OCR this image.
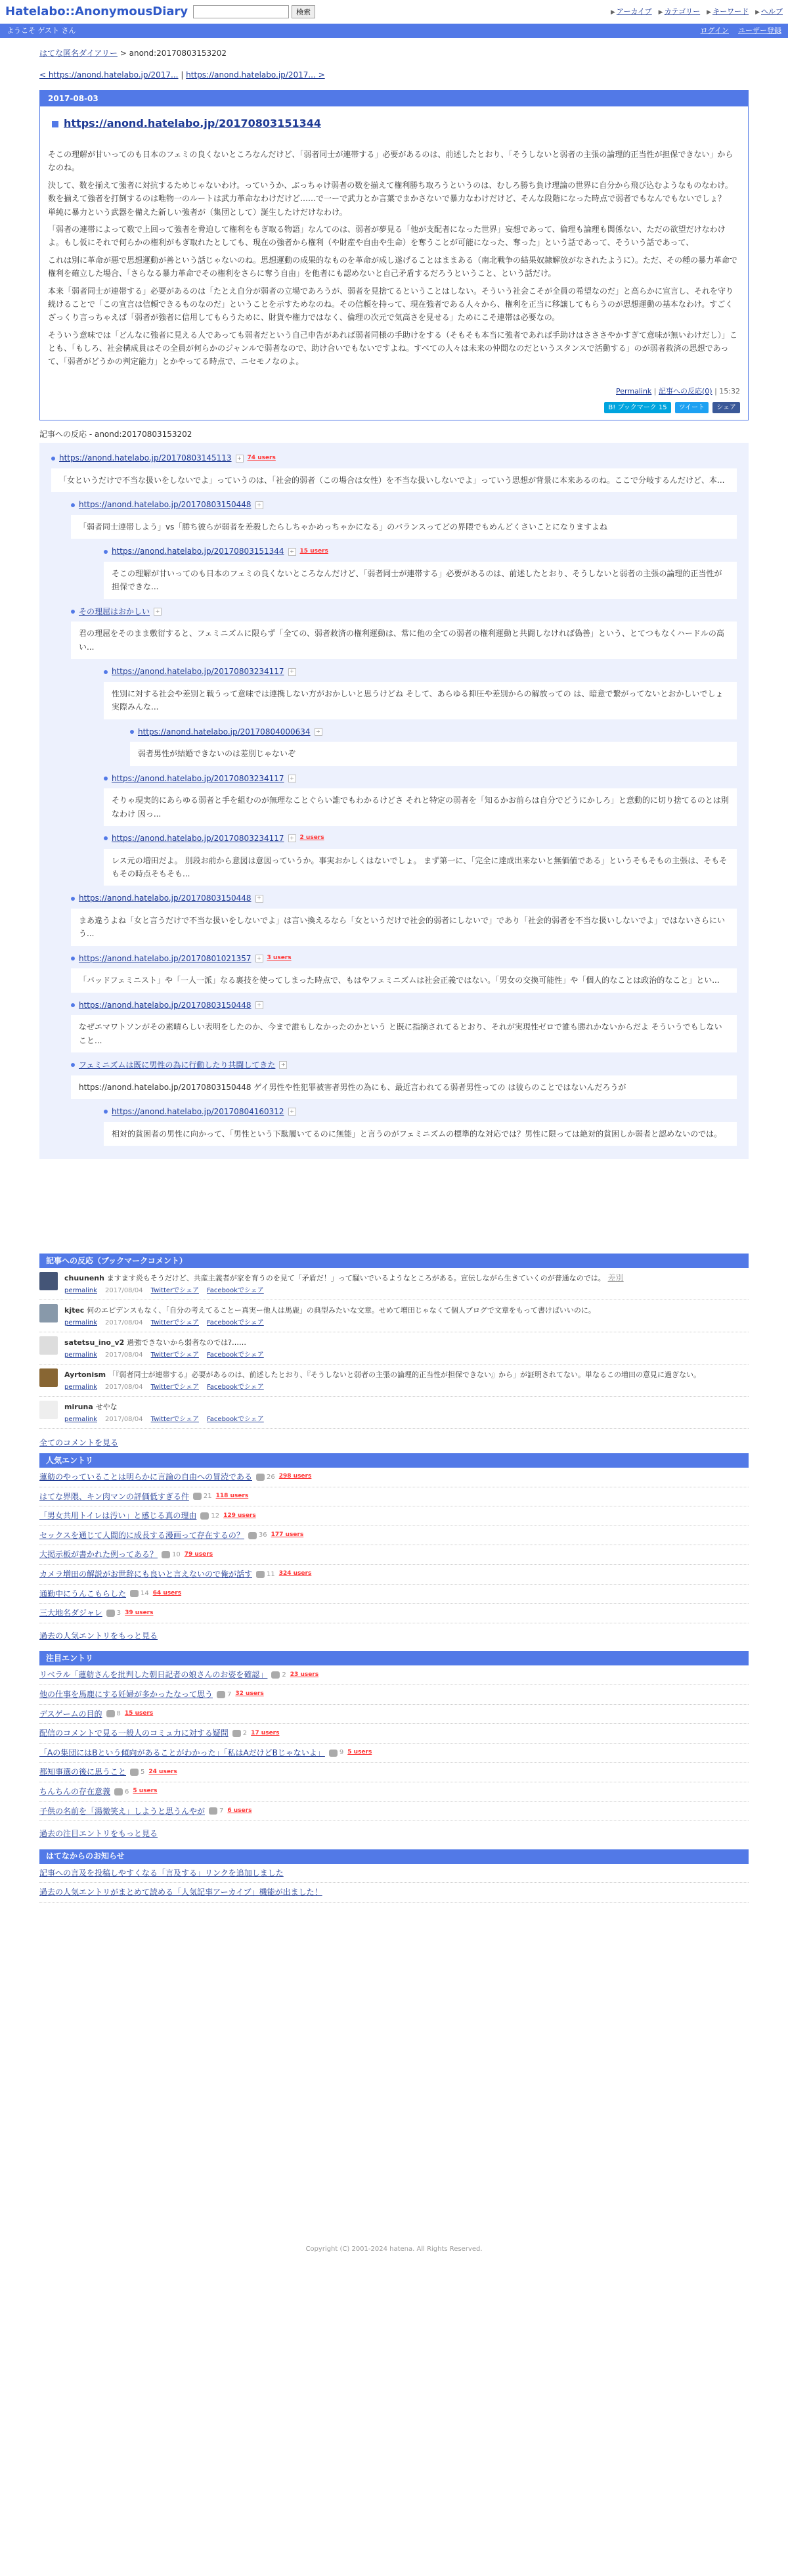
Hatelabo::AnonymousDiary	検索	▶ アーカイブ ▶ カテゴリー ▶ キーワード ▶ ヘルプ
ようこそ ゲスト さん	ログイン ユーザー登録
はてな匿名ダイアリー > anond:20170803153202
< https://anond.hatelabo.jp/2017... | https://anond.hatelabo.jp/2017... >
2017-08-03
https://anond.hatelabo.jp/20170803151344

そこの理解が甘いってのも日本のフェミの良くないところなんだけど、「弱者同士が連帯する」必要があるのは、前述したとおり、「そうしないと弱者の主張の論理的正当性が担保できない」からなのね。

決して、数を揃えて強者に対抗するためじゃないわけ。っていうか、ぶっちゃけ弱者の数を揃えて権利勝ち取ろうというのは、むしろ勝ち負け理論の世界に自分から飛び込むようなものなわけ。数を揃えて強者を打倒するのは唯物一のルートは武力革命なわけだけど……で一ーで武力とか言葉でまかさないで暴力なわけだけど、そんな段階になった時点で弱者でもなんでもないでしょ？　単純に暴力という武器を備えた新しい強者が（集団として）誕生したけだけなわけ。

「弱者の連帯によって数で上回って強者を脅迫して権利をもぎ取る物語」なんてのは、弱者が夢見る「他が支配者になった世界」妄想であって、倫理も論理も関係ない、ただの欲望だけなわけよ。もし仮にそれで何らかの権利がもぎ取れたとしても、現在の強者から権利（や財産や自由や生命）を奪うことが可能になった、奪った」という話であって、そういう話であって、

これは別に革命が悪で思想運動が善という話じゃないのね。思想運動の成果的なものを革命が成し遂げることはままある（南北戦争の結果奴隷解放がなされたように）。ただ、その種の暴力革命で権利を確立した場合、「さらなる暴力革命でその権利をさらに奪う自由」を他者にも認めないと自己矛盾するだろうということ、という話だけ。

本来「弱者同士が連帯する」必要があるのは「たとえ自分が弱者の立場であろうが、弱者を見捨てるということはしない。そういう社会こそが全員の希望なのだ」と高らかに宣言し、それを守り続けることで「この宣言は信頼できるものなのだ」ということを示すためなのね。その信頼を持って、現在強者である人々から、権利を正当に移譲してもらうのが思想運動の基本なわけ。すごくざっくり言っちゃえば「弱者が強者に信用してもらうために、財貨や権力ではなく、倫理の次元で気高さを見せる」ためにこそ連帯は必要なの。

そういう意味では「どんなに強者に見える人であっても弱者だという自己申告があれば弱者同様の手助けをする（そもそも本当に強者であれば手助けはさささやかすぎて意味が無いわけだし）」ことも、「もしろ、社会構成員はその全員が何らかのジャンルで弱者なので、助け合いでもないですよね。すべての人々は未来の仲間なのだというスタンスで活動する」のが弱者救済の思想であって、「弱者がどうかの判定能力」とかやってる時点で、ニセモノなのよ。

Permalink | 記事への反応(0) | 15:32
B! ブックマーク 15	ツイート	シェア
記事への反応 - anond:20170803153202
https://anond.hatelabo.jp/20170803145113	+ 74 users
「女というだけで不当な扱いをしないでよ」っていうのは、「社会的弱者（この場合は女性）を不当な扱いしないでよ」っていう思想が背景に本来あるのね。ここで分岐するんだけど、本...
https://anond.hatelabo.jp/20170803150448	+
「弱者同士連帯しよう」vs「勝ち彼らが弱者を差殺したらしちゃかめっちゃかになる」のバランスってどの界隈でもめんどくさいことになりますよね
https://anond.hatelabo.jp/20170803151344	+ 15 users
そこの理解が甘いってのも日本のフェミの良くないところなんだけど、「弱者同士が連帯する」必要があるのは、前述したとおり、そうしないと弱者の主張の論理的正当性が担保できな...
その理屈はおかしい	+
君の理屈をそのまま敷衍すると、フェミニズムに限らず「全ての、弱者救済の権利運動は、常に他の全ての弱者の権利運動と共闘しなければ偽善」という、とてつもなくハードルの高い...
https://anond.hatelabo.jp/20170803234117	+
性別に対する社会や差別と戦うって意味では連携しない方がおかしいと思うけどね そして、あらゆる抑圧や差別からの解放っての は、暗意で繋がってないとおかしいでしょ 実際みんな...
https://anond.hatelabo.jp/20170804000634	+
弱者男性が結婚できないのは差別じゃないぞ
https://anond.hatelabo.jp/20170803234117	+
そりゃ現実的にあらゆる弱者と手を組むのが無理なことぐらい誰でもわかるけどさ それと特定の弱者を「知るかお前らは自分でどうにかしろ」と意動的に切り捨てるのとは別なわけ 因っ...
https://anond.hatelabo.jp/20170803234117	+ 2 users
レス元の増田だよ。 別段お前から意図は意図っていうか。事実おかしくはないでしょ。 まず第一に、「完全に達成出来ないと無価値である」というそもそもの主張は、そもそもその時点そもそも...
https://anond.hatelabo.jp/20170803150448	+
まあ違うよね「女と言うだけで不当な扱いをしないでよ」は言い換えるなら「女というだけで社会的弱者にしないで」であり「社会的弱者を不当な扱いしないでよ」ではないさらにいう...
https://anond.hatelabo.jp/20170801021357	+ 3 users
「バッドフェミニスト」や「一人一派」なる裏技を使ってしまった時点で、もはやフェミニズムは社会正義ではない。「男女の交換可能性」や「個人的なことは政治的なこと」とい...
https://anond.hatelabo.jp/20170803150448	+
なぜエマワトソンがその素晴らしい表明をしたのか、今まで誰もしなかったのかという と既に指摘されてるとおり、それが実現性ゼロで誰も勝れかないからだよ そういうでもしないこと...
フェミニズムは既に男性の為に行動したり共闘してきた	+
https://anond.hatelabo.jp/20170803150448 ゲイ男性や性犯罪被害者男性の為にも、最近言われてる弱者男性っての は彼らのことではないんだろうが
https://anond.hatelabo.jp/20170804160312	+
相対的貧困者の男性に向かって、「男性という下駄履いてるのに無能」と言うのがフェミニズムの標準的な対応では？男性に限っては絶対的貧困しか弱者と認めないのでは。
記事への反応（ブックマークコメント）
chuunenh ますます炎もそうだけど、共産主義者が家を育うのを見て「矛盾だ！」って騒いでいるようなところがある。宣伝しながら生きていくのが普通なのでは。 差別
permalink 2017/08/04 Twitterでシェア Facebookでシェア
kjtec 何のエピデンスもなく、「自分の考えてることー真実ー他人は馬鹿」の典型みたいな文章。せめて増田じゃなくて個人ブログで文章をもって書けばいいのに。
permalink 2017/08/04 Twitterでシェア Facebookでシェア
satetsu_ino_v2 過強できないから弱者なのでは?……
permalink 2017/08/04 Twitterでシェア Facebookでシェア
Ayrtonism 「『弱者同士が連帯する』必要があるのは、前述したとおり、『そうしないと弱者の主張の論理的正当性が担保できない』から」が証明されてない。単なるこの増田の意見に過ぎない。
permalink 2017/08/04 Twitterでシェア Facebookでシェア
miruna せやな
permalink 2017/08/04 Twitterでシェア Facebookでシェア
全てのコメントを見る
人気エントリ
蓮舫のやっていることは明らかに言論の自由への冒涜である 26 298 users
はてな界隈、キン肉マンの評価低すぎる件 21 118 users
「男女共用トイレは汚い」と感じる真の理由 12 129 users
セックスを通じて人間的に成長する漫画って存在するの？ 36 177 users
大掲示板が書かれた例ってある？ 10 79 users
カメラ増田の解説がお世辞にも良いと言えないので俺が話す 11 324 users
通勤中にうんこもらした 14 64 users
三大地名ダジャレ 3 39 users
過去の人気エントリをもっと見る
注目エントリ
リベラル「蓮舫さんを批判した朝日記者の娘さんのお姿を確認」 2 23 users
他の仕事を馬鹿にする妊婦が多かったなって思う 7 32 users
デスゲームの目的 8 15 users
配信のコメントで見る一般人のコミュ力に対する疑問 2 17 users
「Aの集団にはBという傾向があることがわかった」「私はAだけどBじゃないよ」 9 5 users
都知事選の後に思うこと 5 24 users
ちんちんの存在意義 6 5 users
子供の名前を「湯微笑え」しようと思うんやが 7 6 users
過去の注目エントリをもっと見る
はてなからのお知らせ
記事への言及を投稿しやすくなる「言及する」リンクを追加しました
過去の人気エントリがまとめて読める「人気記事アーカイブ」機能が出ました！
Copyright (C) 2001-2024 hatena. All Rights Reserved.
